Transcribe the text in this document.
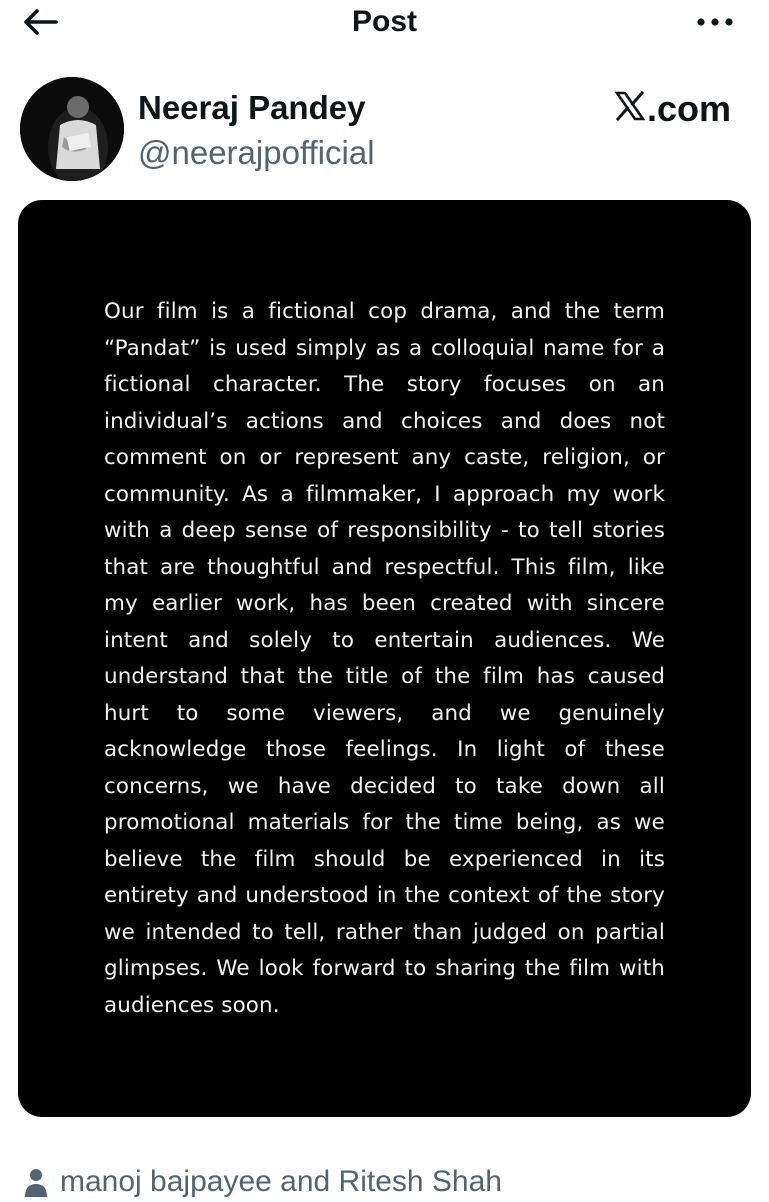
Post
Neeraj Pandey
@neerajpofficial
.com

Our film is a fictional cop drama, and the term “Pandat” is used simply as a colloquial name for a fictional character. The story focuses on an individual’s actions and choices and does not comment on or represent any caste, religion, or community. As a filmmaker, I approach my work with a deep sense of responsibility - to tell stories that are thoughtful and respectful. This film, like my earlier work, has been created with sincere intent and solely to entertain audiences. We understand that the title of the film has caused hurt to some viewers, and we genuinely acknowledge those feelings. In light of these concerns, we have decided to take down all promotional materials for the time being, as we believe the film should be experienced in its entirety and understood in the context of the story we intended to tell, rather than judged on partial glimpses. We look forward to sharing the film with audiences soon.

manoj bajpayee and Ritesh Shah
